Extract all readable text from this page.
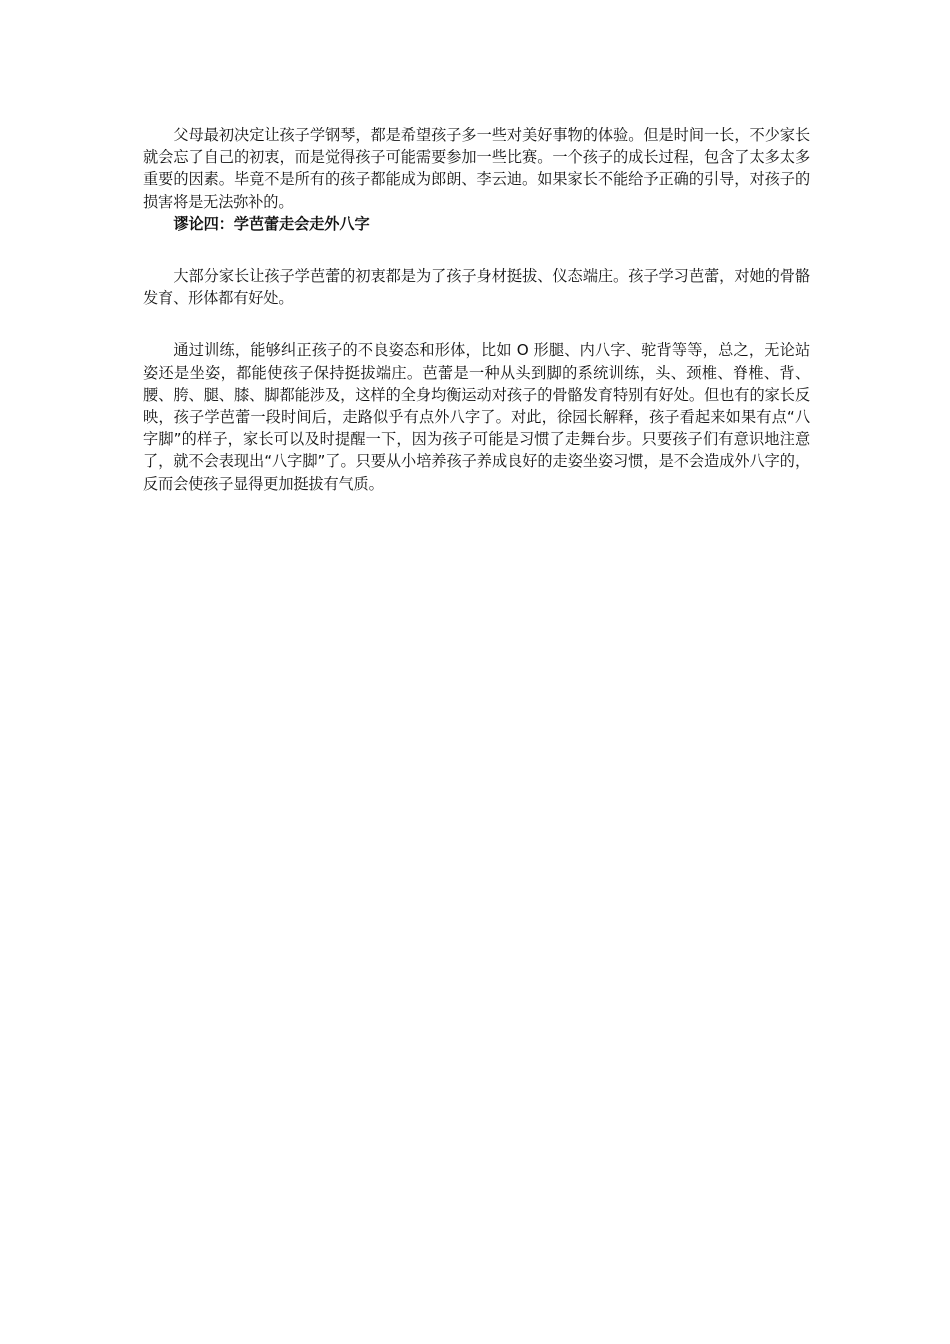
父母最初决定让孩子学钢琴，都是希望孩子多一些对美好事物的体验。但是时间一长，不少家长就会忘了自己的初衷，而是觉得孩子可能需要参加一些比赛。一个孩子的成长过程，包含了太多太多重要的因素。毕竟不是所有的孩子都能成为郎朗、李云迪。如果家长不能给予正确的引导，对孩子的损害将是无法弥补的。

谬论四：学芭蕾走会走外八字

大部分家长让孩子学芭蕾的初衷都是为了孩子身材挺拔、仪态端庄。孩子学习芭蕾，对她的骨骼发育、形体都有好处。

通过训练，能够纠正孩子的不良姿态和形体，比如 O 形腿、内八字、驼背等等，总之，无论站姿还是坐姿，都能使孩子保持挺拔端庄。芭蕾是一种从头到脚的系统训练，头、颈椎、脊椎、背、腰、胯、腿、膝、脚都能涉及，这样的全身均衡运动对孩子的骨骼发育特别有好处。但也有的家长反映，孩子学芭蕾一段时间后，走路似乎有点外八字了。对此，徐园长解释，孩子看起来如果有点“八字脚”的样子，家长可以及时提醒一下，因为孩子可能是习惯了走舞台步。只要孩子们有意识地注意了，就不会表现出“八字脚”了。只要从小培养孩子养成良好的走姿坐姿习惯，是不会造成外八字的，反而会使孩子显得更加挺拔有气质。
